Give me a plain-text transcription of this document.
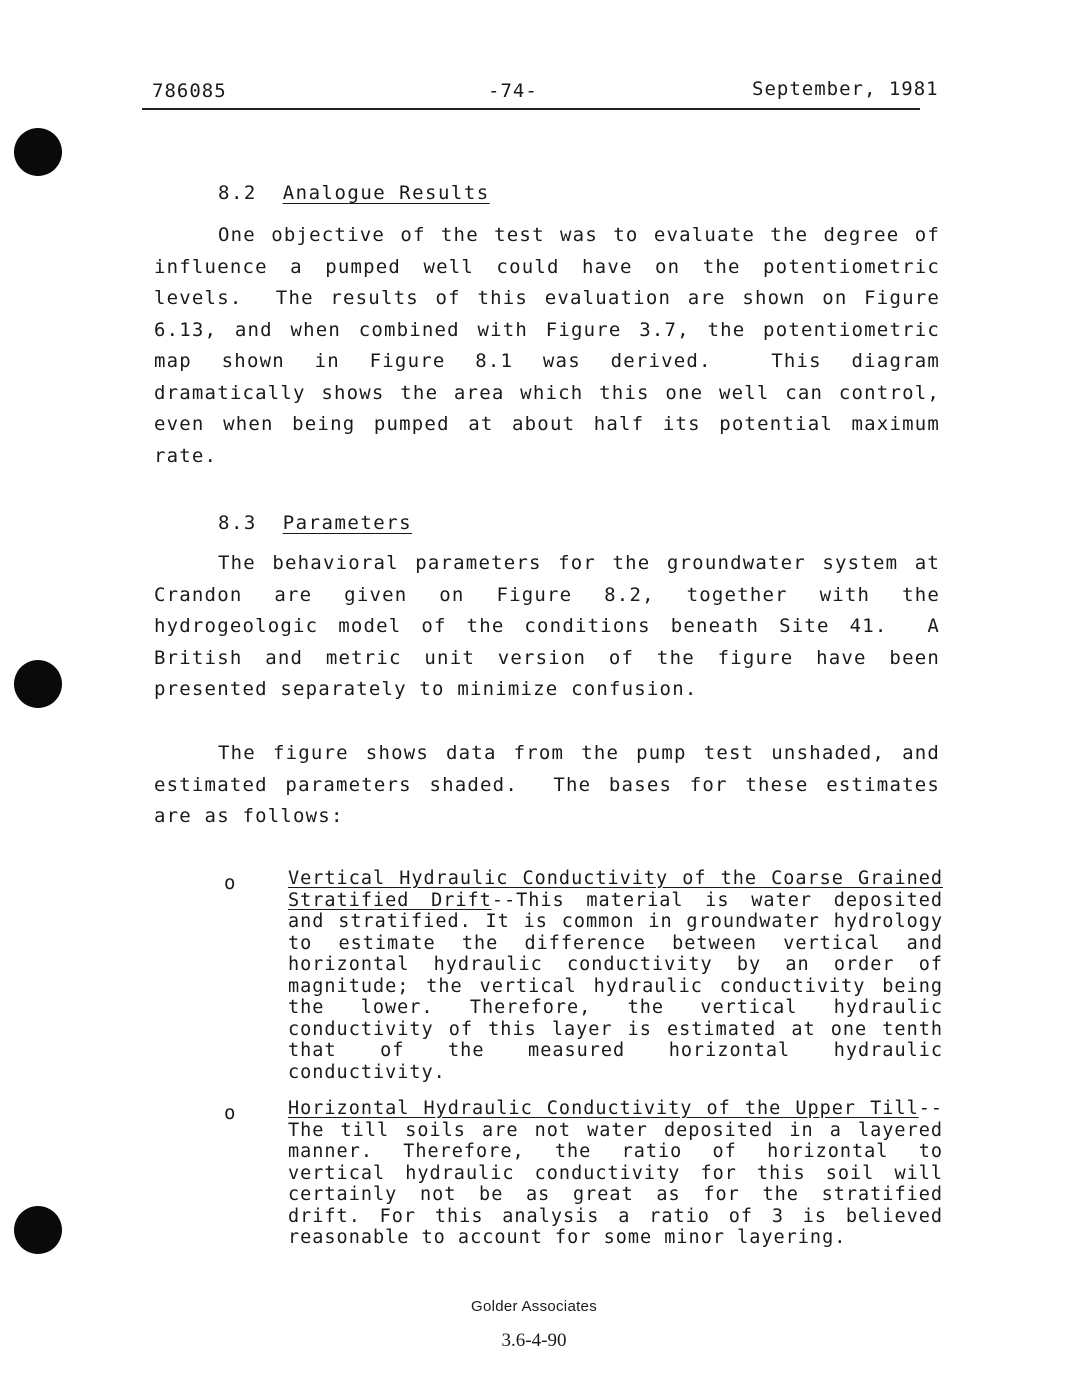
786085	-74-	September, 1981
8.2 Analogue Results

One objective of the test was to evaluate the degree of influence a pumped well could have on the potentiometric levels.  The results of this evaluation are shown on Figure 6.13, and when combined with Figure 3.7, the potentiometric map shown in Figure 8.1 was derived.  This diagram dramatically shows the area which this one well can control, even when being pumped at about half its potential maximum rate.

8.3 Parameters

The behavioral parameters for the groundwater system at Crandon are given on Figure 8.2, together with the hydrogeologic model of the conditions beneath Site 41.  A British and metric unit version of the figure have been presented separately to minimize confusion.

The figure shows data from the pump test unshaded, and estimated parameters shaded.  The bases for these estimates are as follows:

o	Vertical Hydraulic Conductivity of the Coarse Grained Stratified Drift--This material is water deposited and stratified. It is common in groundwater hydrology to estimate the difference between vertical and horizontal hydraulic conductivity by an order of magnitude; the vertical hydraulic conductivity being the lower. Therefore, the vertical hydraulic conductivity of this layer is estimated at one tenth that of the measured horizontal hydraulic conductivity.
o	Horizontal Hydraulic Conductivity of the Upper Till--The till soils are not water deposited in a layered manner. Therefore, the ratio of horizontal to vertical hydraulic conductivity for this soil will certainly not be as great as for the stratified drift. For this analysis a ratio of 3 is believed reasonable to account for some minor layering.
Golder Associates
3.6-4-90
